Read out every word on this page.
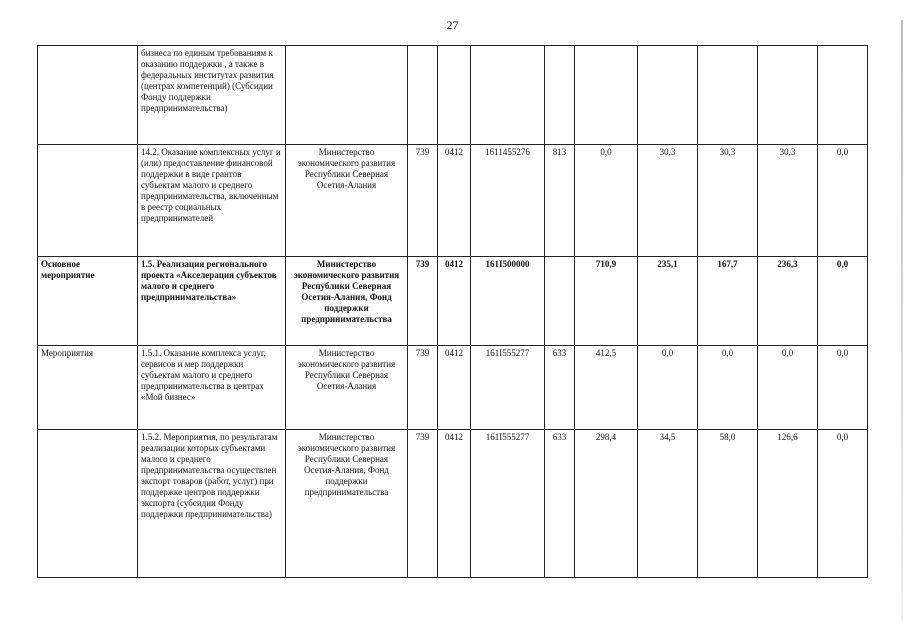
27
	бизнеса по единым требованиям к оказанию поддержки , а также в федеральных институтах развития (центрах компетенций) (Субсидии Фонду поддержки предпринимательства)										
	14.2. Оказание комплексных услуг и (или) предоставление финансовой поддержки в виде грантов субъектам малого и среднего предпринимательства, включенным в реестр социальных предпринимателей	Министерство экономического развития Республики Северная Осетия-Алания	739	0412	1611455276	813	0,0	30,3	30,3	30,3	0,0
Основное мероприятие	1.5. Реализация регионального проекта «Акселерация субъектов малого и среднего предпринимательства»	Министерство экономического развития Республики Северная Осетия-Алания, Фонд поддержки предпринимательства	739	0412	161I500000		710,9	235,1	167,7	236,3	0,0
Мероприятия	1.5.1. Оказание комплекса услуг, сервисов и мер поддержки субъектам малого и среднего предпринимательства в центрах «Мой бизнес»	Министерство экономического развития Республики Северная Осетия-Алания	739	0412	161I555277	633	412,5	0,0	0,0	0,0	0,0
	1.5.2. Мероприятия, по результатам реализации которых субъектами малого и среднего предпринимательства осуществлен экспорт товаров (работ, услуг) при поддержке центров поддержки экспорта (субсидии Фонду поддержки предпринимательства)	Министерство экономического развития Республики Северная Осетия-Алания, Фонд поддержки предпринимательства	739	0412	161I555277	633	298,4	34,5	58,0	126,6	0,0
